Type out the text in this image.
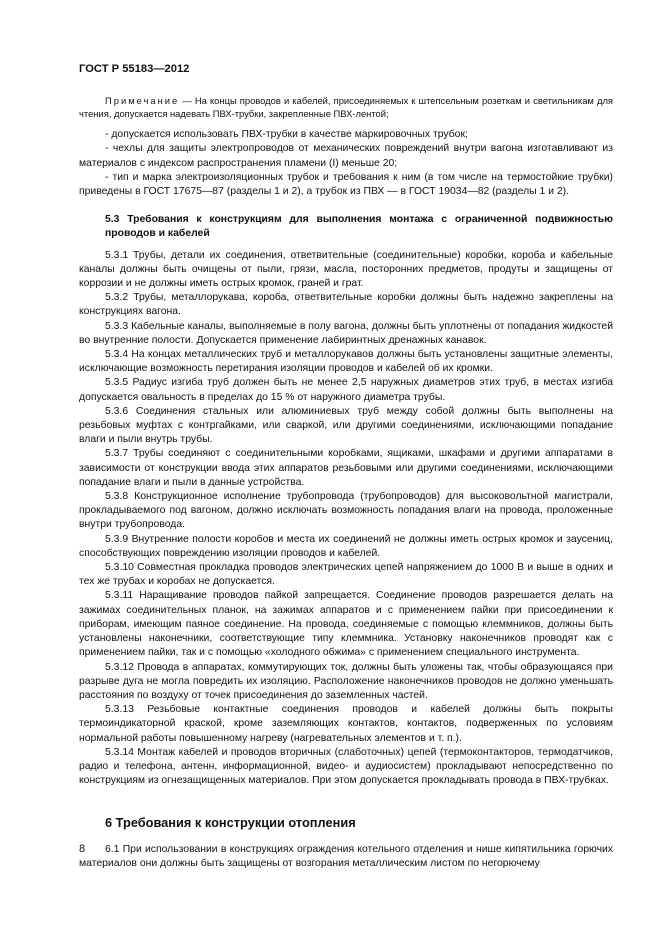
ГОСТ Р 55183—2012

Примечание — На концы проводов и кабелей, присоединяемых к штепсельным розеткам и светильникам для чтения, допускается надевать ПВХ-трубки, закрепленные ПВХ-лентой;

- допускается использовать ПВХ-трубки в качестве маркировочных трубок;

- чехлы для защиты электропроводов от механических повреждений внутри вагона изготавливают из материалов с индексом распространения пламени (I) меньше 20;

- тип и марка электроизоляционных трубок и требования к ним (в том числе на термостойкие трубки) приведены в ГОСТ 17675—87 (разделы 1 и 2), а трубок из ПВХ — в ГОСТ 19034—82 (разделы 1 и 2).

5.3 Требования к конструкциям для выполнения монтажа с ограниченной подвижностью проводов и кабелей

5.3.1 Трубы, детали их соединения, ответвительные (соединительные) коробки, короба и кабельные каналы должны быть очищены от пыли, грязи, масла, посторонних предметов, продуты и защищены от коррозии и не должны иметь острых кромок, граней и грат.

5.3.2 Трубы, металлорукава, короба, ответвительные коробки должны быть надежно закреплены на конструкциях вагона.

5.3.3 Кабельные каналы, выполняемые в полу вагона, должны быть уплотнены от попадания жидкостей во внутренние полости. Допускается применение лабиринтных дренажных канавок.

5.3.4 На концах металлических труб и металлорукавов должны быть установлены защитные элементы, исключающие возможность перетирания изоляции проводов и кабелей об их кромки.

5.3.5 Радиус изгиба труб должен быть не менее 2,5 наружных диаметров этих труб, в местах изгиба допускается овальность в пределах до 15 % от наружного диаметра трубы.

5.3.6 Соединения стальных или алюминиевых труб между собой должны быть выполнены на резьбовых муфтах с контргайками, или сваркой, или другими соединениями, исключающими попадание влаги и пыли внутрь трубы.

5.3.7 Трубы соединяют с соединительными коробками, ящиками, шкафами и другими аппаратами в зависимости от конструкции ввода этих аппаратов резьбовыми или другими соединениями, исключающими попадание влаги и пыли в данные устройства.

5.3.8 Конструкционное исполнение трубопровода (трубопроводов) для высоковольтной магистрали, прокладываемого под вагоном, должно исключать возможность попадания влаги на провода, проложенные внутри трубопровода.

5.3.9 Внутренние полости коробов и места их соединений не должны иметь острых кромок и заусениц, способствующих повреждению изоляции проводов и кабелей.

5.3.10 Совместная прокладка проводов электрических цепей напряжением до 1000 В и выше в одних и тех же трубах и коробах не допускается.

5.3.11 Наращивание проводов пайкой запрещается. Соединение проводов разрешается делать на зажимах соединительных планок, на зажимах аппаратов и с применением пайки при присоединении к приборам, имеющим паяное соединение. На провода, соединяемые с помощью клеммников, должны быть установлены наконечники, соответствующие типу клеммника. Установку наконечников проводят как с применением пайки, так и с помощью «холодного обжима» с применением специального инструмента.

5.3.12 Провода в аппаратах, коммутирующих ток, должны быть уложены так, чтобы образующаяся при разрыве дуга не могла повредить их изоляцию. Расположение наконечников проводов не должно уменьшать расстояния по воздуху от точек присоединения до заземленных частей.

5.3.13 Резьбовые контактные соединения проводов и кабелей должны быть покрыты термоиндикаторной краской, кроме заземляющих контактов, контактов, подверженных по условиям нормальной работы повышенному нагреву (нагревательных элементов и т. п.).

5.3.14 Монтаж кабелей и проводов вторичных (слаботочных) цепей (термоконтакторов, термодатчиков, радио и телефона, антенн, информационной, видео- и аудиосистем) прокладывают непосредственно по конструкциям из огнезащищенных материалов. При этом допускается прокладывать провода в ПВХ-трубках.

6 Требования к конструкции отопления

6.1 При использовании в конструкциях ограждения котельного отделения и нише кипятильника горючих материалов они должны быть защищены от возгорания металлическим листом по негорючему

8
